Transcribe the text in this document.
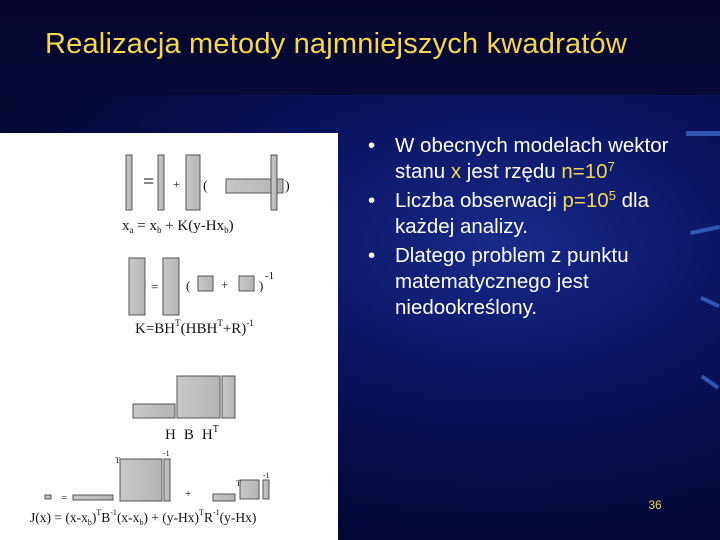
Realizacja metody najmniejszych kwadratów
= + (	)
$x_a = x_b + K(y-Hx_b)$
= ( + )
-1
$K=BH^T(HBH^T+R)^{-1}$
H B $H^T$
=	+
T
T
-1
-1
$J(x) = (x-x_b)^TB^{-1}(x-x_b) + (y-Hx)^TR^{-1}(y-Hx)$
• W obecnych modelach wektor stanu x jest rzędu $n=10^7$
• Liczba obserwacji $p=10^5$ dla każdej analizy.
• Dlatego problem z punktu matematycznego jest niedookreślony.
36
